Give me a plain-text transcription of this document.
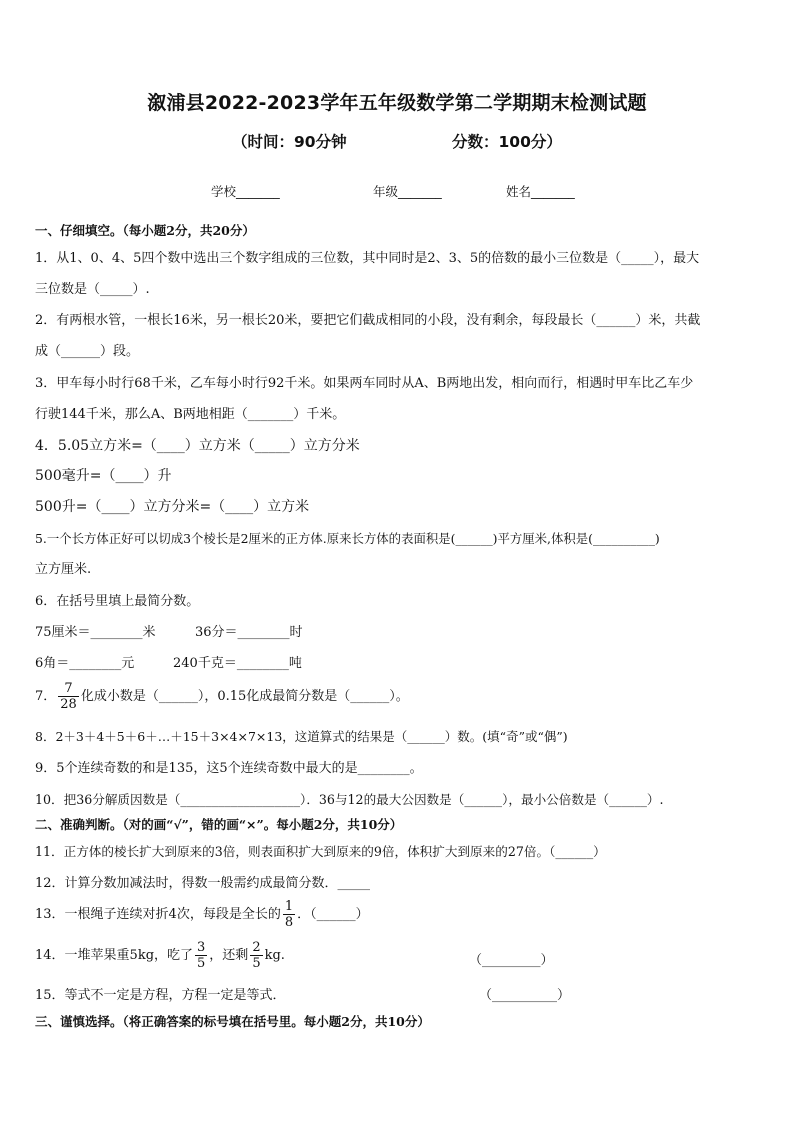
溆浦县2022-2023学年五年级数学第二学期期末检测试题
（时间：90分钟	分数：100分）
学校_______	年级_______	姓名_______
一、仔细填空。（每小题2分，共20分）
1．从1、0、4、5四个数中选出三个数字组成的三位数，其中同时是2、3、5的倍数的最小三位数是（_____），最大
三位数是（_____）.
2．有两根水管，一根长16米，另一根长20米，要把它们截成相同的小段，没有剩余，每段最长（______）米，共截
成（______）段。
3．甲车每小时行68千米，乙车每小时行92千米。如果两车同时从A、B两地出发，相向而行，相遇时甲车比乙车少
行驶144千米，那么A、B两地相距（_______）千米。
4．5.05立方米=（____）立方米（_____）立方分米
500毫升=（____）升
500升=（____）立方分米=（____）立方米
5.一个长方体正好可以切成3个棱长是2厘米的正方体.原来长方体的表面积是(______)平方厘米,体积是(__________)
立方厘米.
6．在括号里填上最简分数。
75厘米＝________米	36分＝________时
6角＝________元	240千克＝________吨
7． $\frac{7}{28}$ 化成小数是（______），0.15化成最简分数是（______）。
8．2＋3＋4＋5＋6＋…＋15＋3×4×7×13，这道算式的结果是（______）数。(填“奇”或“偶”)
9．5个连续奇数的和是135，这5个连续奇数中最大的是________。
10．把36分解质因数是（___________________）．36与12的最大公因数是（______），最小公倍数是（______）.
二、准确判断。（对的画“√”，错的画“×”。每小题2分，共10分）
11．正方体的棱长扩大到原来的3倍，则表面积扩大到原来的9倍，体积扩大到原来的27倍。（______）
12．计算分数加减法时，得数一般需约成最简分数．_____
13．一根绳子连续对折4次，每段是全长的 $\frac{1}{8}$ ．（______）
14．一堆苹果重5kg，吃了 $\frac{3}{5}$ ，还剩 $\frac{2}{5}$ kg.	（_________）
15．等式不一定是方程，方程一定是等式．	（__________）
三、谨慎选择。（将正确答案的标号填在括号里。每小题2分，共10分）
